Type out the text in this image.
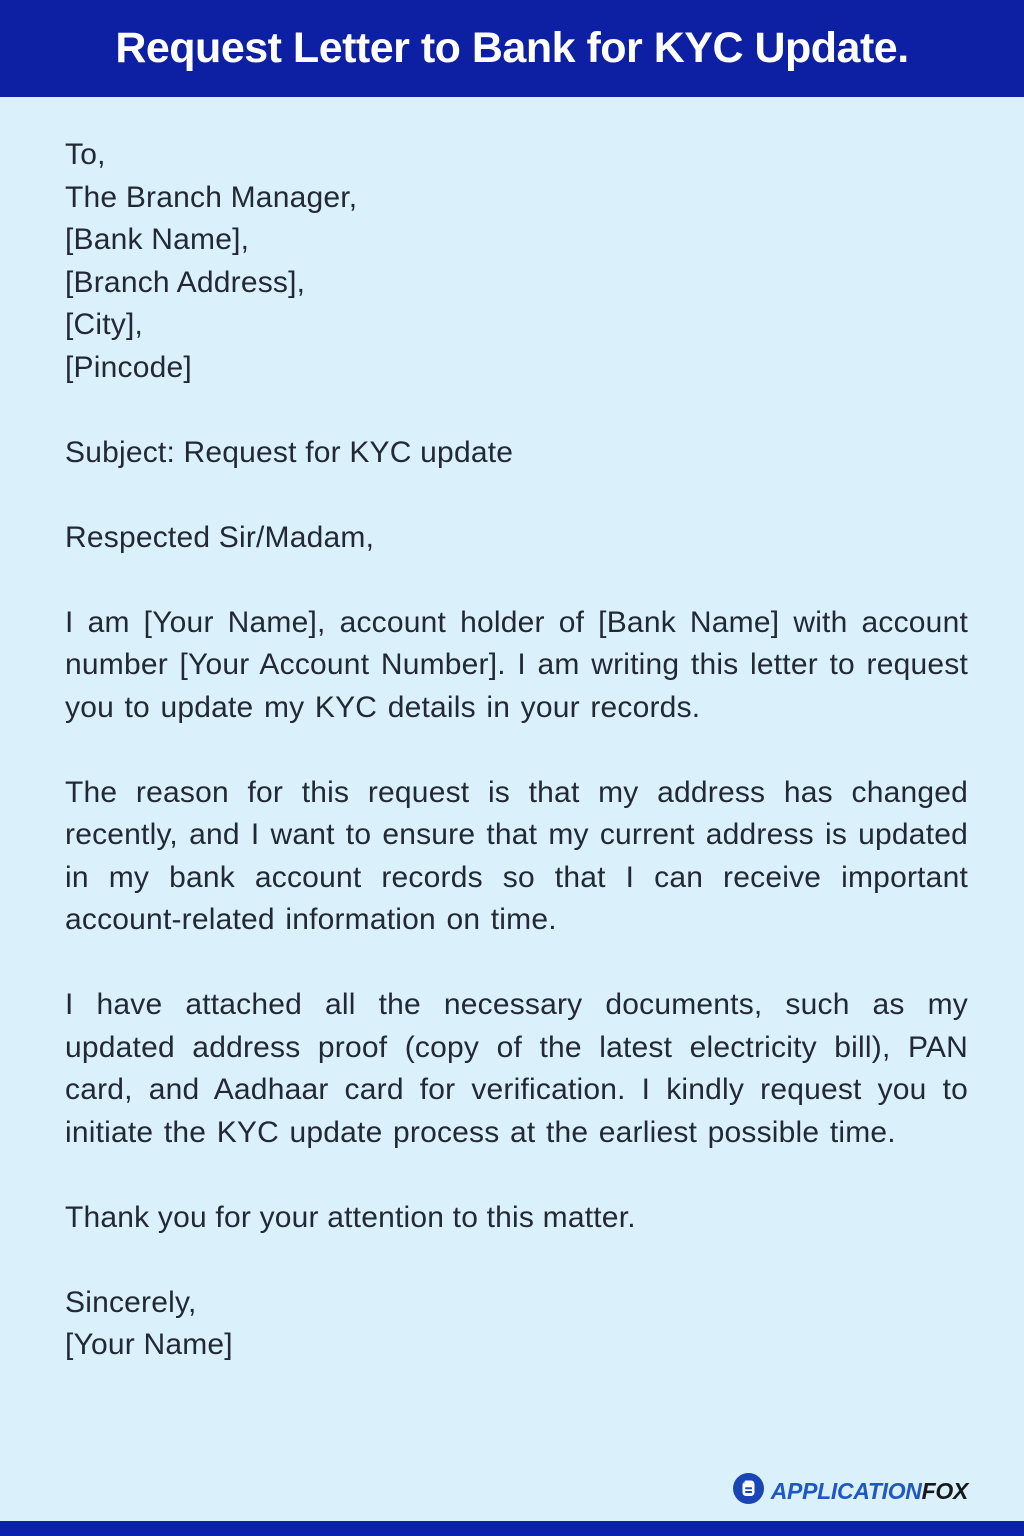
Request Letter to Bank for KYC Update.
To,
The Branch Manager,
[Bank Name],
[Branch Address],
[City],
[Pincode]
Subject: Request for KYC update
Respected Sir/Madam,
I am [Your Name], account holder of [Bank Name] with account number [Your Account Number]. I am writing this letter to request you to update my KYC details in your records.
The reason for this request is that my address has changed recently, and I want to ensure that my current address is updated in my bank account records so that I can receive important account-related information on time.
I have attached all the necessary documents, such as my updated address proof (copy of the latest electricity bill), PAN card, and Aadhaar card for verification. I kindly request you to initiate the KYC update process at the earliest possible time.
Thank you for your attention to this matter.
Sincerely,
[Your Name]
APPLICATIONFOX
